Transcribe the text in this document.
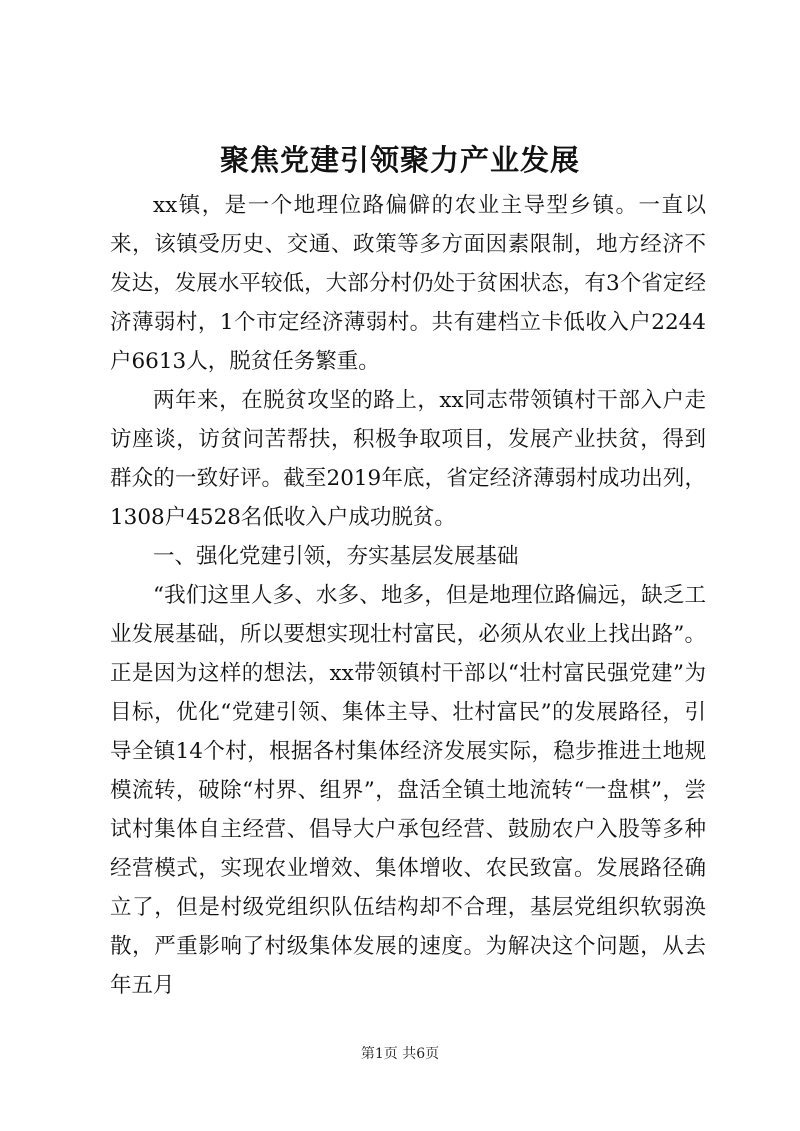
聚焦党建引领聚力产业发展

xx镇，是一个地理位路偏僻的农业主导型乡镇。一直以来，该镇受历史、交通、政策等多方面因素限制，地方经济不发达，发展水平较低，大部分村仍处于贫困状态，有3个省定经济薄弱村，1个市定经济薄弱村。共有建档立卡低收入户2244户6613人，脱贫任务繁重。

两年来，在脱贫攻坚的路上，xx同志带领镇村干部入户走访座谈，访贫问苦帮扶，积极争取项目，发展产业扶贫，得到群众的一致好评。截至2019年底，省定经济薄弱村成功出列，1308户4528名低收入户成功脱贫。

一、强化党建引领，夯实基层发展基础

“我们这里人多、水多、地多，但是地理位路偏远，缺乏工业发展基础，所以要想实现壮村富民，必须从农业上找出路”。正是因为这样的想法，xx带领镇村干部以“壮村富民强党建”为目标，优化“党建引领、集体主导、壮村富民”的发展路径，引导全镇14个村，根据各村集体经济发展实际，稳步推进土地规模流转，破除“村界、组界”，盘活全镇土地流转“一盘棋”，尝试村集体自主经营、倡导大户承包经营、鼓励农户入股等多种经营模式，实现农业增效、集体增收、农民致富。发展路径确立了，但是村级党组织队伍结构却不合理，基层党组织软弱涣散，严重影响了村级集体发展的速度。为解决这个问题，从去年五月

第1页 共6页
